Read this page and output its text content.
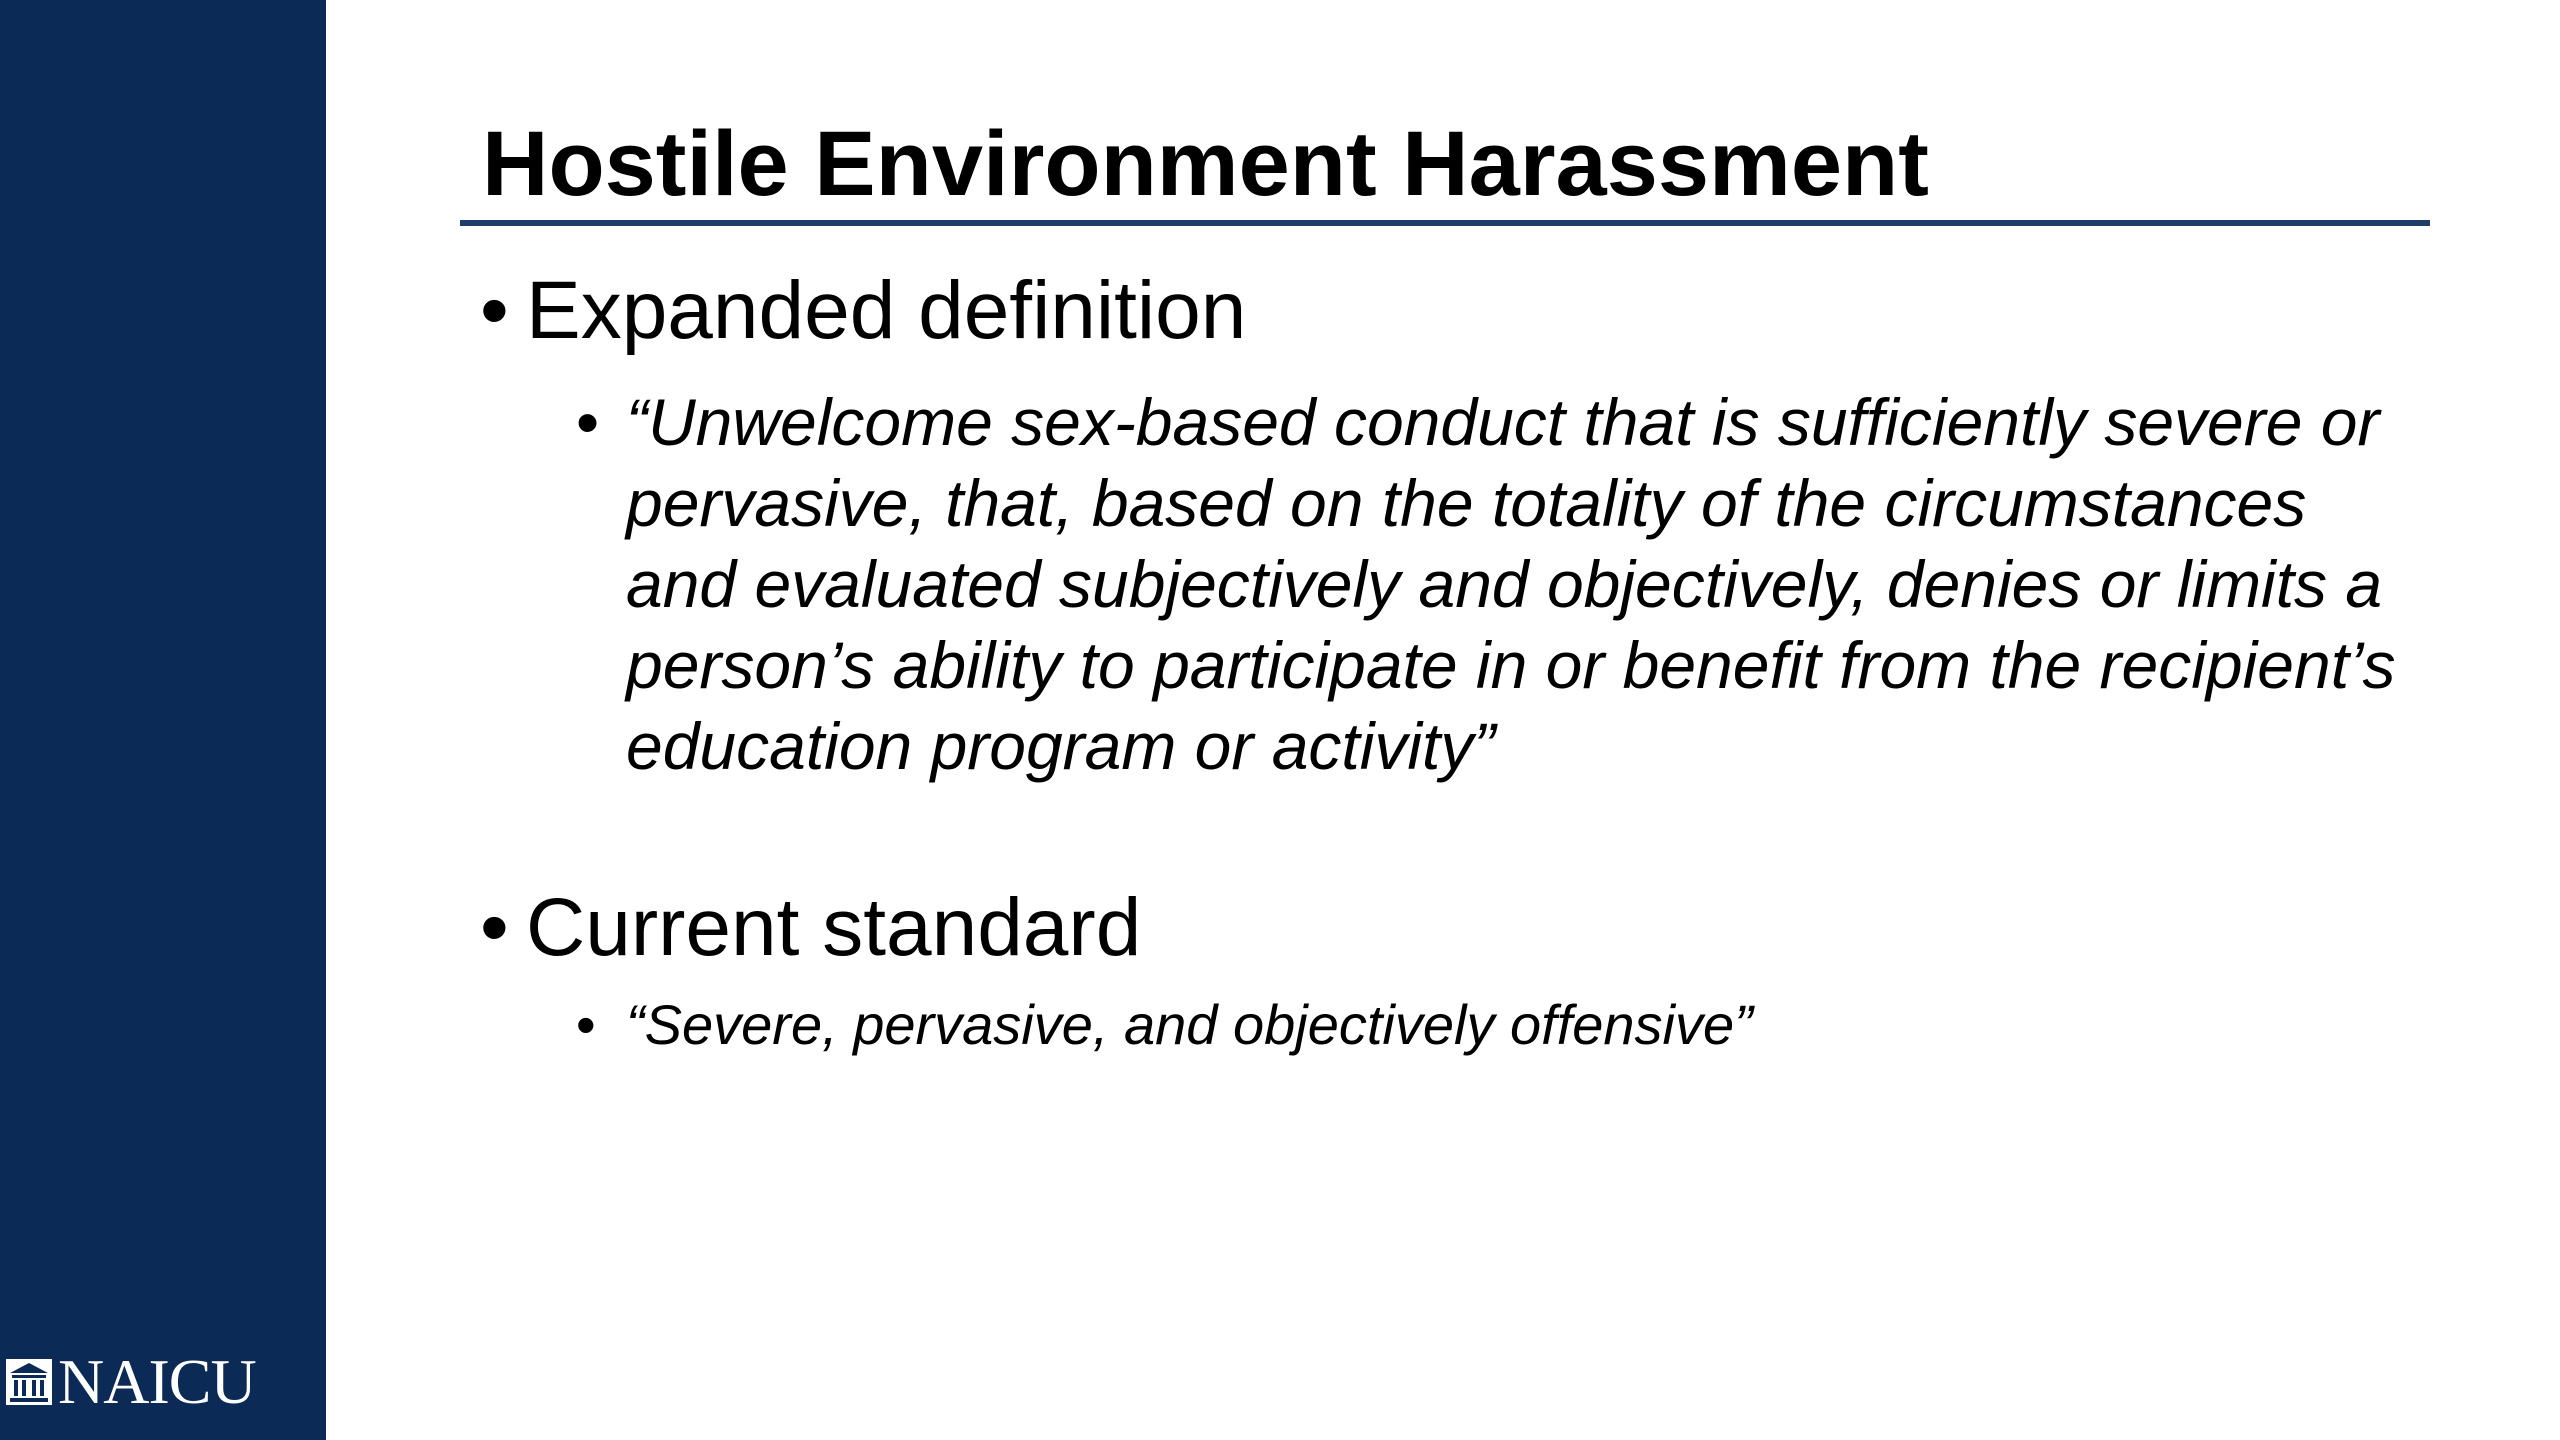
NAICU
Hostile Environment Harassment
• Expanded definition
• “Unwelcome sex-based conduct that is sufficiently severe or pervasive, that, based on the totality of the circumstances and evaluated subjectively and objectively, denies or limits a person’s ability to participate in or benefit from the recipient’s education program or activity”
• Current standard
• “Severe, pervasive, and objectively offensive”
